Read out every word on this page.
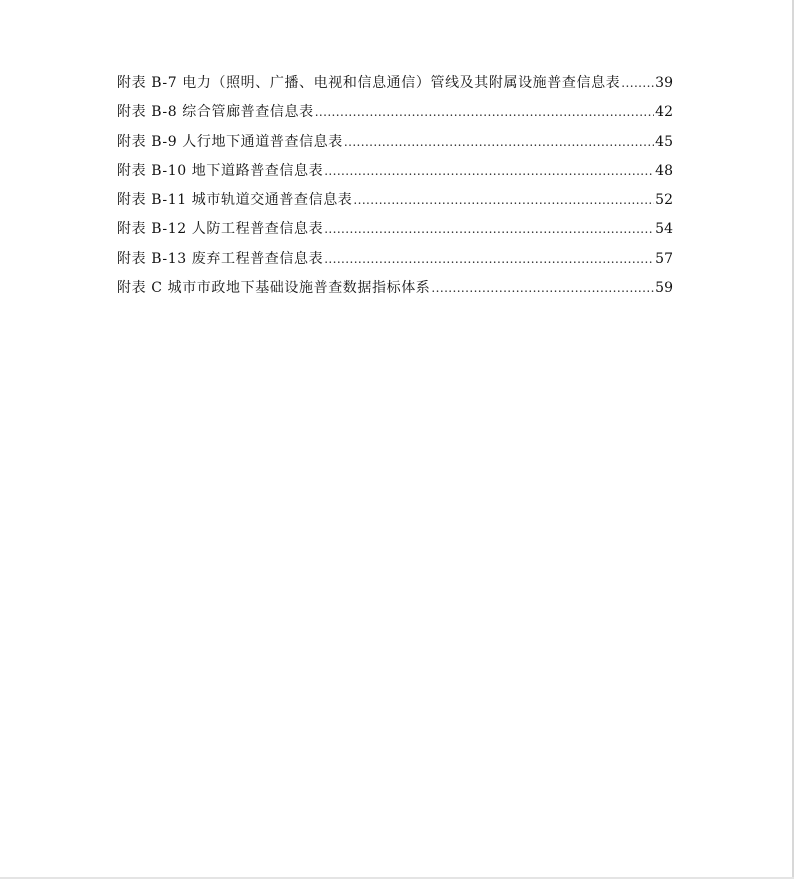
附表 B-7 电力（照明、广播、电视和信息通信）管线及其附属设施普查信息表 ..... 39
附表 B-8 综合管廊普查信息表 .....	42
附表 B-9 人行地下通道普查信息表 .....	45
附表 B-10 地下道路普查信息表 .....	48
附表 B-11 城市轨道交通普查信息表 .....	52
附表 B-12 人防工程普查信息表 .....	54
附表 B-13 废弃工程普查信息表 .....	57
附表 C 城市市政地下基础设施普查数据指标体系 .....	59
